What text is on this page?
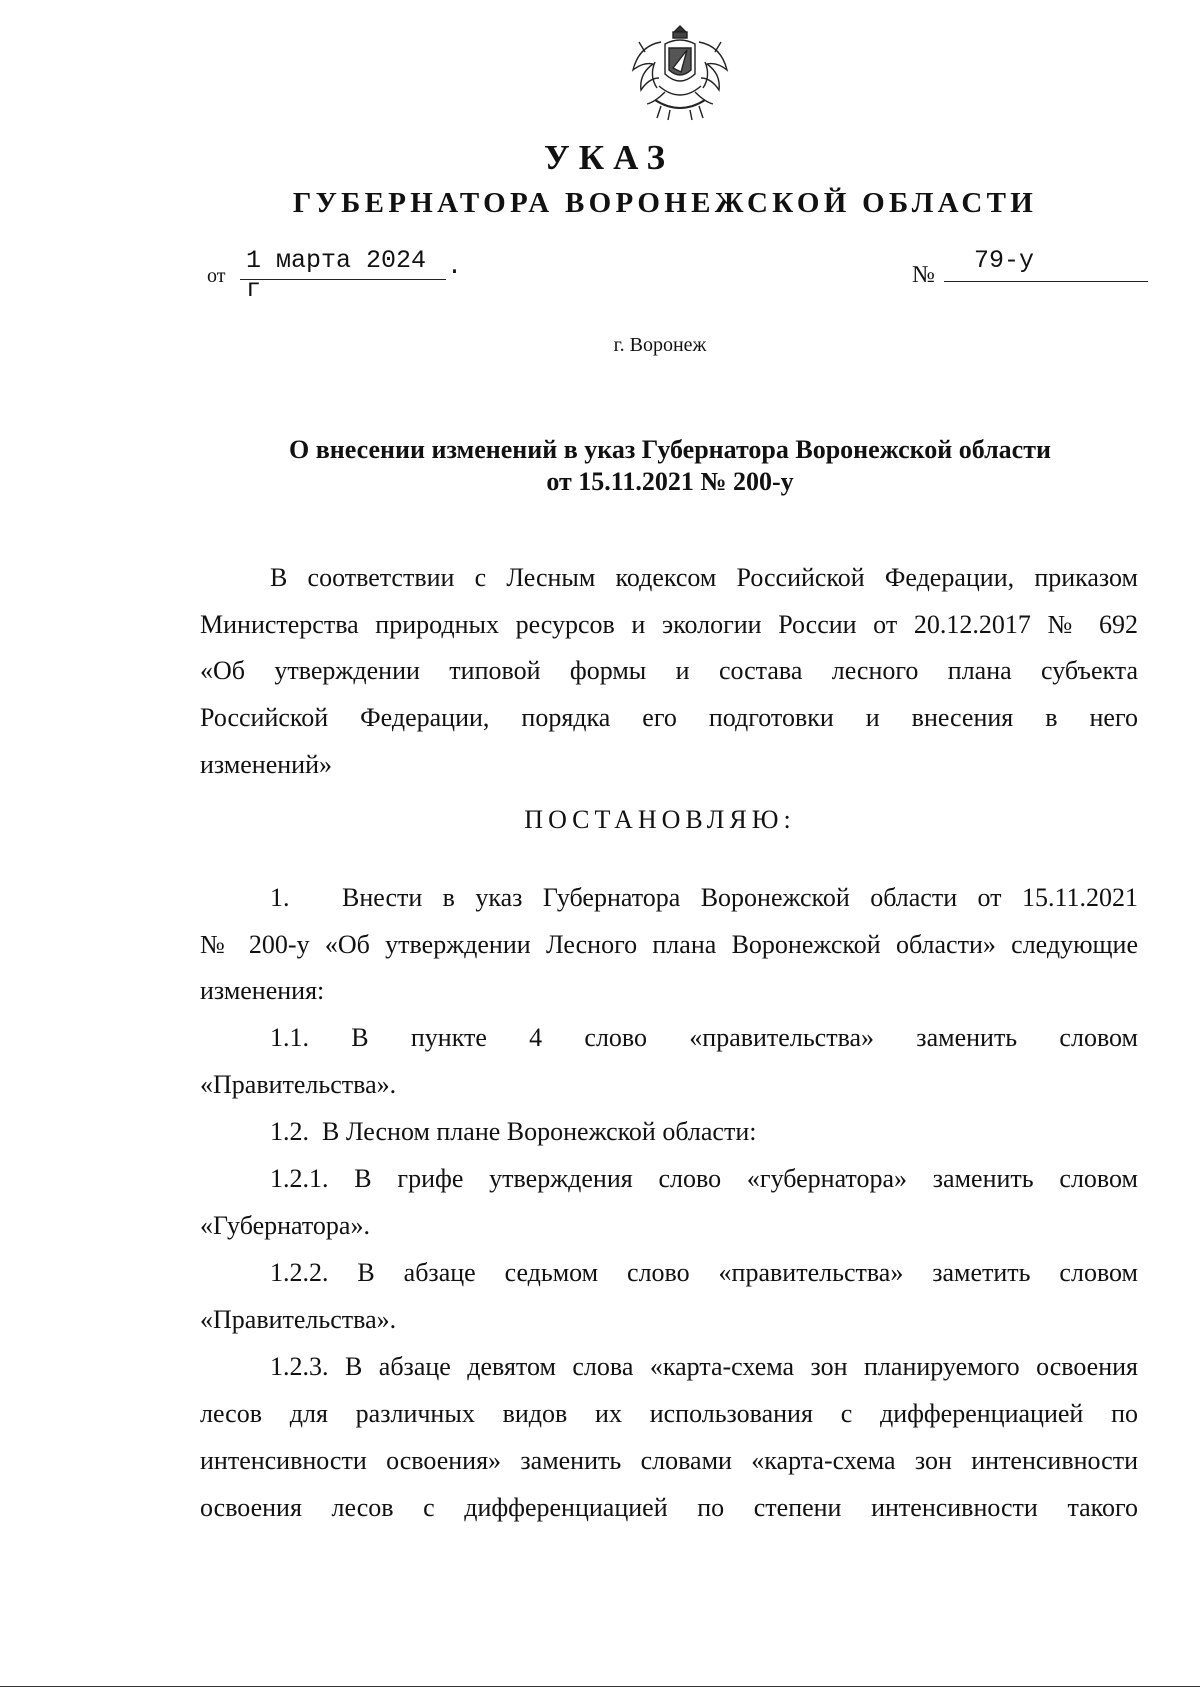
УКАЗ
ГУБЕРНАТОРА ВОРОНЕЖСКОЙ ОБЛАСТИ
от
1 марта 2024 г
.	№	79-у
г. Воронеж
О внесении изменений в указ Губернатора Воронежской области
от 15.11.2021 № 200-у
В соответствии с Лесным кодексом Российской Федерации, приказом
Министерства природных ресурсов и экологии России от 20.12.2017 № 692
«Об утверждении типовой формы и состава лесного плана субъекта
Российской Федерации, порядка его подготовки и внесения в него
изменений»
ПОСТАНОВЛЯЮ:
1. Внести в указ Губернатора Воронежской области от 15.11.2021
№ 200-у «Об утверждении Лесного плана Воронежской области» следующие
изменения:
1.1. В пункте 4 слово «правительства» заменить словом
«Правительства».
1.2.  В Лесном плане Воронежской области:
1.2.1. В грифе утверждения слово «губернатора» заменить словом
«Губернатора».
1.2.2. В абзаце седьмом слово «правительства» заметить словом
«Правительства».
1.2.3. В абзаце девятом слова «карта-схема зон планируемого освоения
лесов для различных видов их использования с дифференциацией по
интенсивности освоения» заменить словами «карта-схема зон интенсивности
освоения лесов с дифференциацией по степени интенсивности такого
